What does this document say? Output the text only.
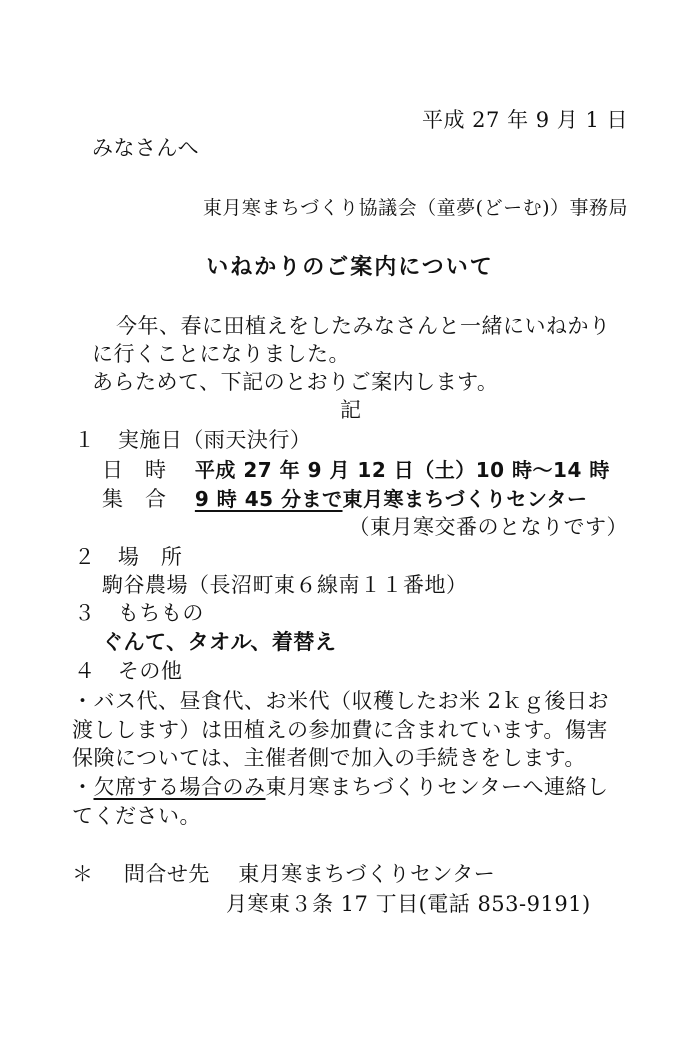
平成 27 年 9 月 1 日
みなさんへ
東月寒まちづくり協議会（童夢(どーむ)）事務局
いねかりのご案内について
今年、春に田植えをしたみなさんと一緒にいねかり
に行くことになりました。
あらためて、下記のとおりご案内します。
記
１ 実施日（雨天決行）
日　時 平成 27 年 9 月 12 日（土）10 時～14 時
集　合 9 時 45 分まで東月寒まちづくりセンター
（東月寒交番のとなりです）
２ 場　所
駒谷農場（長沼町東６線南１１番地）
３ もちもの
ぐんて、タオル、着替え
４ その他
・バス代、昼食代、お米代（収穫したお米 2ｋｇ後日お
渡しします）は田植えの参加費に含まれています。傷害
保険については、主催者側で加入の手続きをします。
・欠席する場合のみ東月寒まちづくりセンターへ連絡し
てください。
＊ 問合せ先 東月寒まちづくりセンター
月寒東３条 17 丁目(電話 853-9191)
